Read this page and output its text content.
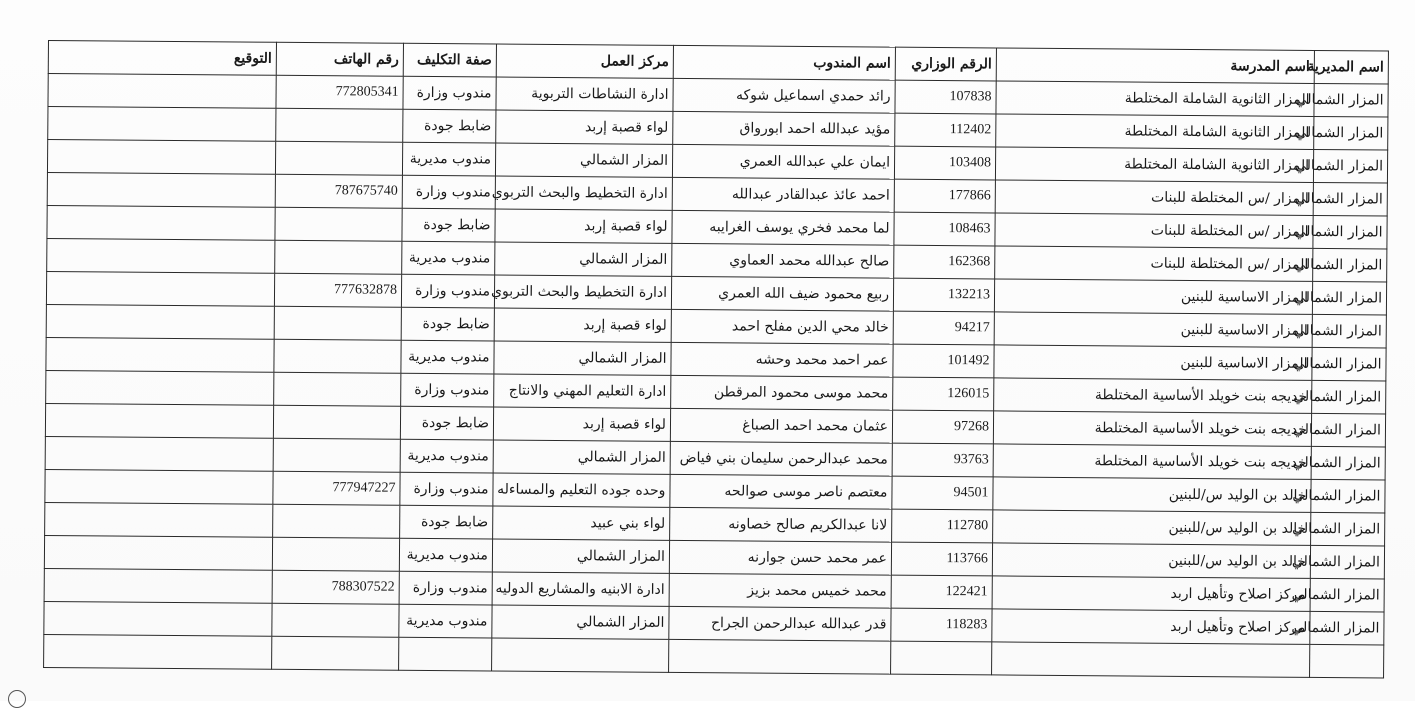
اسم المديرية	اسم المدرسة	الرقم الوزاري	اسم المندوب	مركز العمل	صفة التكليف	رقم الهاتف	التوقيع
المزار الشمالي	المزار الثانوية الشاملة المختلطة	107838	رائد حمدي اسماعيل شوكه	ادارة النشاطات التربوية	مندوب وزارة	772805341	
المزار الشمالي	المزار الثانوية الشاملة المختلطة	112402	مؤيد عبدالله احمد ابورواق	لواء قصبة إربد	ضابط جودة		
المزار الشمالي	المزار الثانوية الشاملة المختلطة	103408	ايمان علي عبدالله العمري	المزار الشمالي	مندوب مديرية		
المزار الشمالي	المزار /س المختلطة للبنات	177866	احمد عائذ عبدالقادر عبدالله	ادارة التخطيط والبحث التربوي	مندوب وزارة	787675740	
المزار الشمالي	المزار /س المختلطة للبنات	108463	لما محمد فخري يوسف الغرايبه	لواء قصبة إربد	ضابط جودة		
المزار الشمالي	المزار /س المختلطة للبنات	162368	صالح عبدالله محمد العماوي	المزار الشمالي	مندوب مديرية		
المزار الشمالي	المزار الاساسية للبنين	132213	ربيع محمود ضيف الله العمري	ادارة التخطيط والبحث التربوي	مندوب وزارة	777632878	
المزار الشمالي	المزار الاساسية للبنين	94217	خالد محي الدين مفلح احمد	لواء قصبة إربد	ضابط جودة		
المزار الشمالي	المزار الاساسية للبنين	101492	عمر احمد محمد وحشه	المزار الشمالي	مندوب مديرية		
المزار الشمالي	خديجه بنت خويلد الأساسية المختلطة	126015	محمد موسى محمود المرقطن	ادارة التعليم المهني والانتاج	مندوب وزارة		
المزار الشمالي	خديجه بنت خويلد الأساسية المختلطة	97268	عثمان محمد احمد الصباغ	لواء قصبة إربد	ضابط جودة		
المزار الشمالي	خديجه بنت خويلد الأساسية المختلطة	93763	محمد عبدالرحمن سليمان بني فياض	المزار الشمالي	مندوب مديرية		
المزار الشمالي	خالد بن الوليد س/للبنين	94501	معتصم ناصر موسى صوالحه	وحده جوده التعليم والمساءله	مندوب وزارة	777947227	
المزار الشمالي	خالد بن الوليد س/للبنين	112780	لانا عبدالكريم صالح خصاونه	لواء بني عبيد	ضابط جودة		
المزار الشمالي	خالد بن الوليد س/للبنين	113766	عمر محمد حسن جوارنه	المزار الشمالي	مندوب مديرية		
المزار الشمالي	مركز اصلاح وتأهيل اربد	122421	محمد خميس محمد بزيز	ادارة الابنيه والمشاريع الدوليه	مندوب وزارة	788307522	
المزار الشمالي	مركز اصلاح وتأهيل اربد	118283	قدر عبدالله عبدالرحمن الجراح	المزار الشمالي	مندوب مديرية		
